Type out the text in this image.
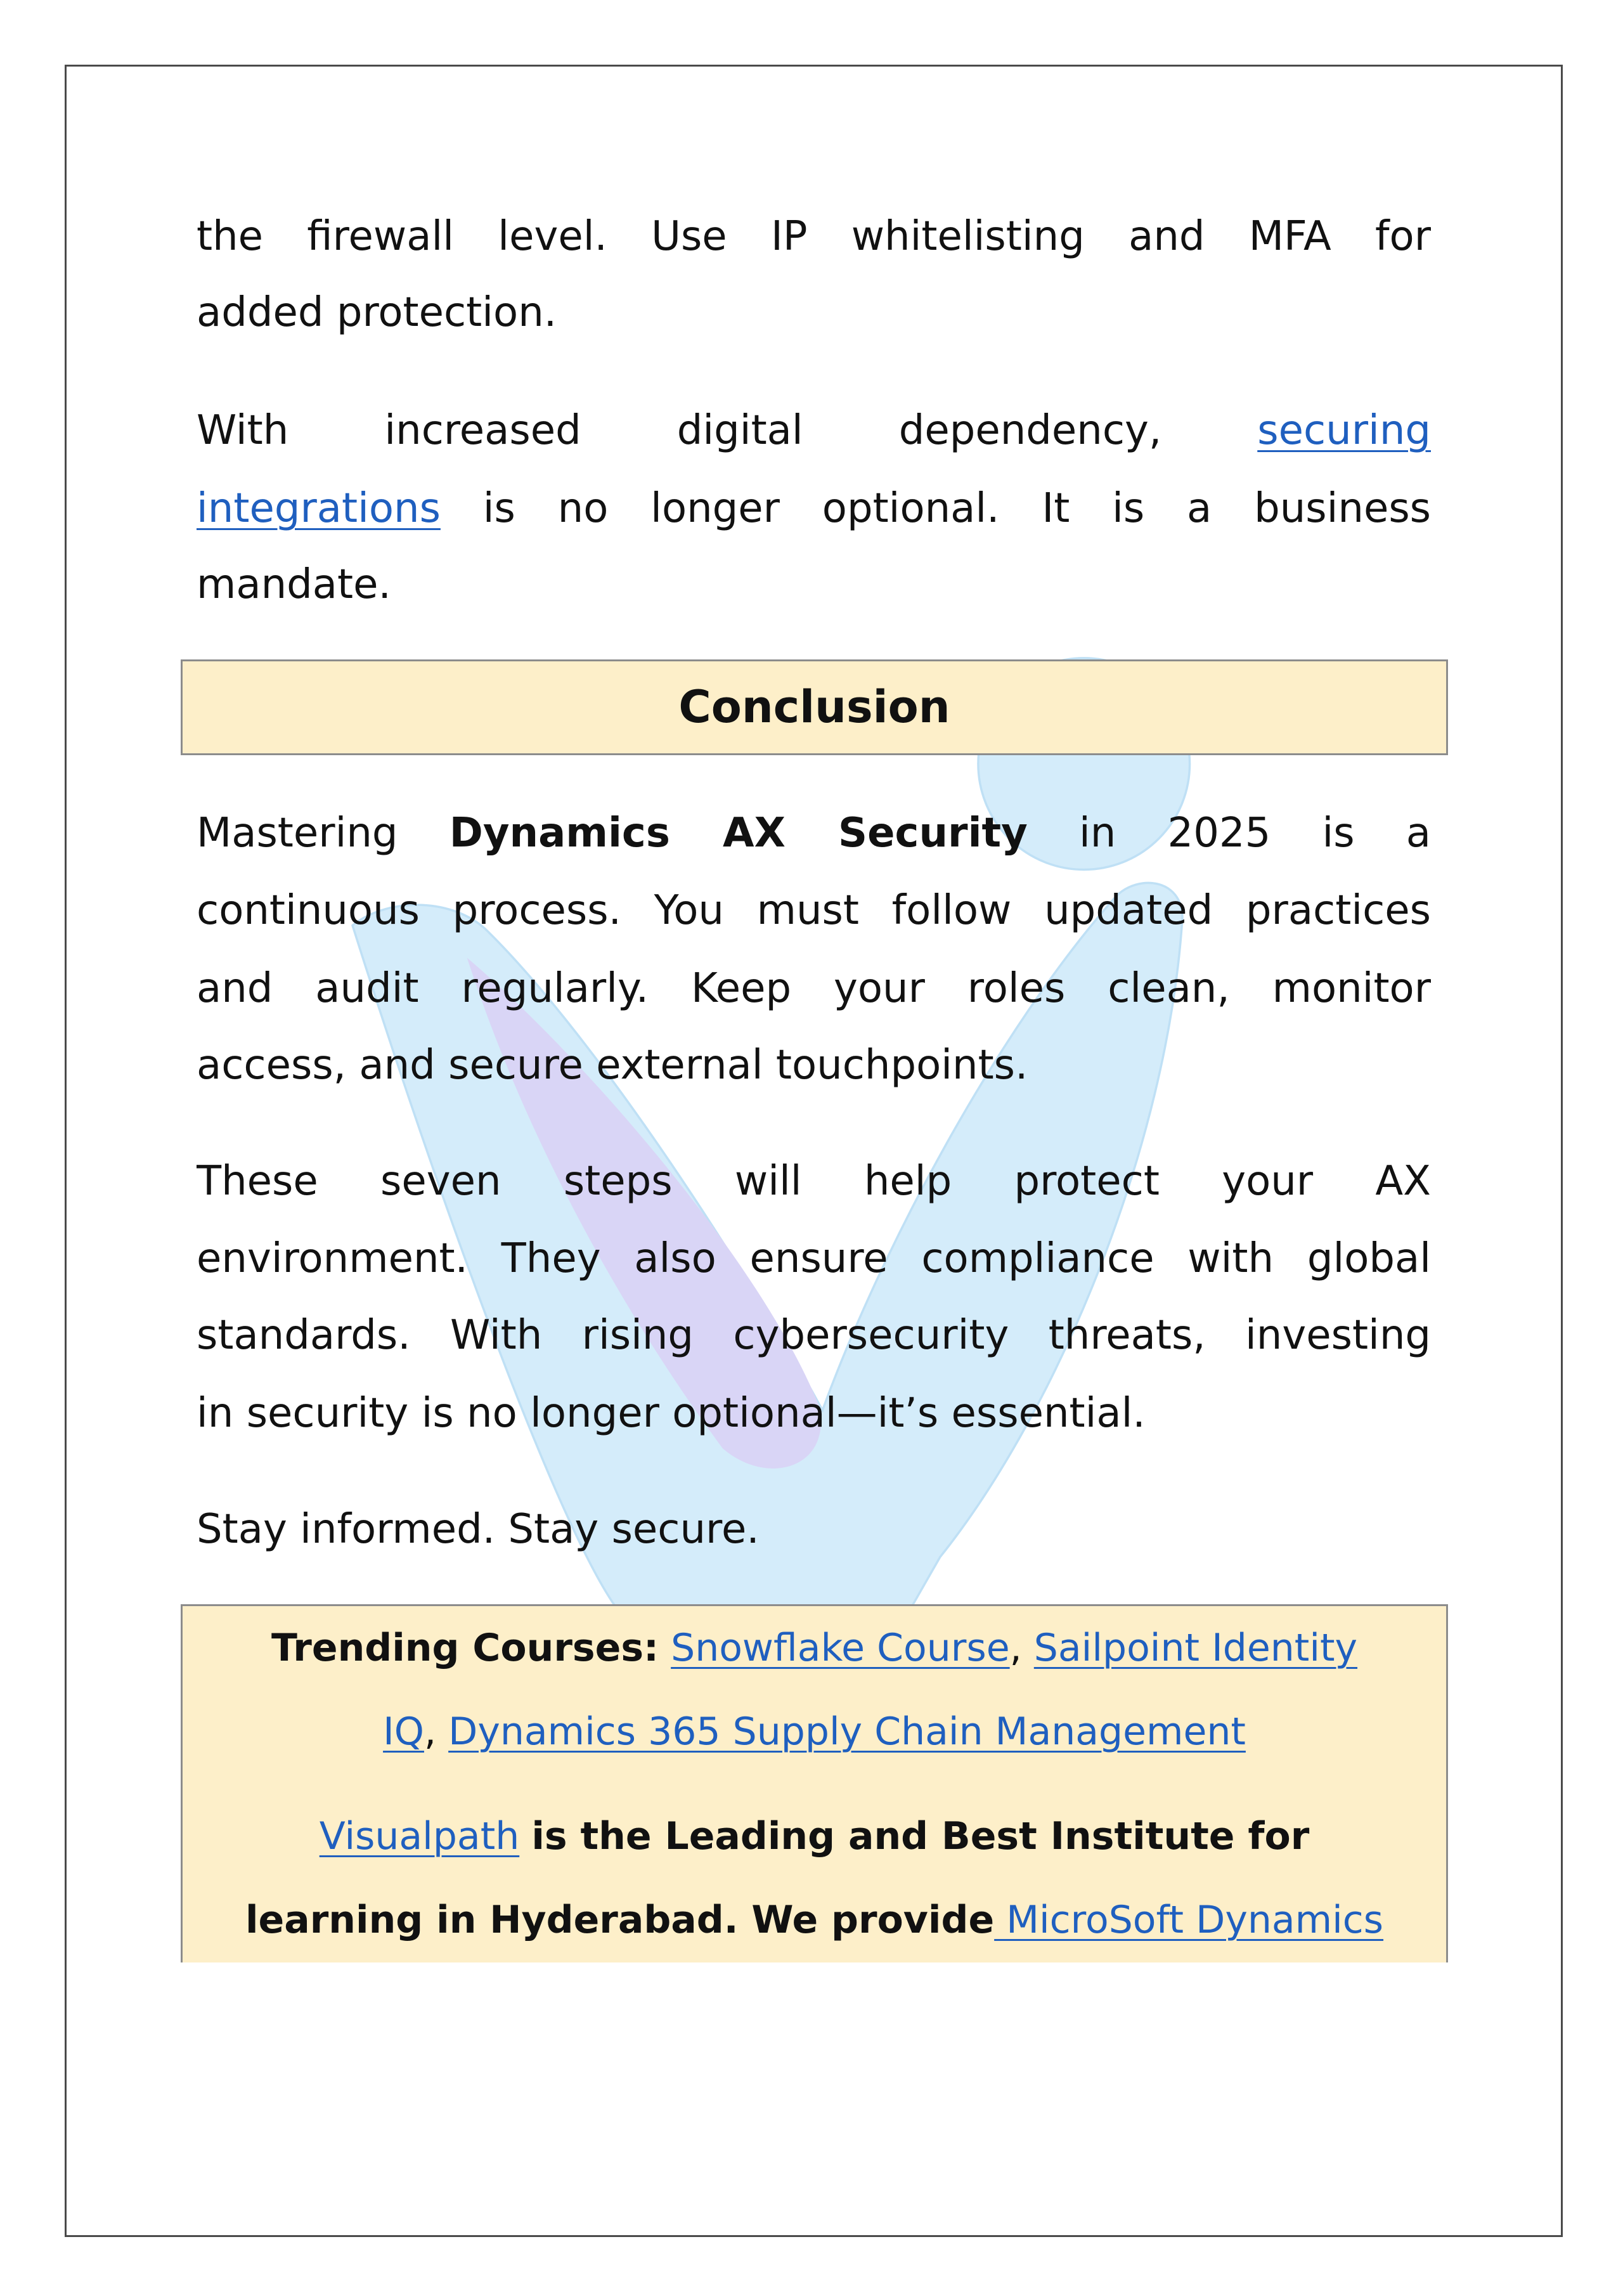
the firewall level. Use IP whitelisting and MFA for
added protection.
With increased digital dependency, securing
integrations is no longer optional. It is a business
mandate.
Conclusion
Mastering Dynamics AX Security in 2025 is a
continuous process. You must follow updated practices
and audit regularly. Keep your roles clean, monitor
access, and secure external touchpoints.
These seven steps will help protect your AX
environment. They also ensure compliance with global
standards. With rising cybersecurity threats, investing
in security is no longer optional—it’s essential.
Stay informed. Stay secure.
Trending Courses: Snowflake Course, Sailpoint Identity
IQ, Dynamics 365 Supply Chain Management
Visualpath is the Leading and Best Institute for
learning in Hyderabad. We provide MicroSoft Dynamics
